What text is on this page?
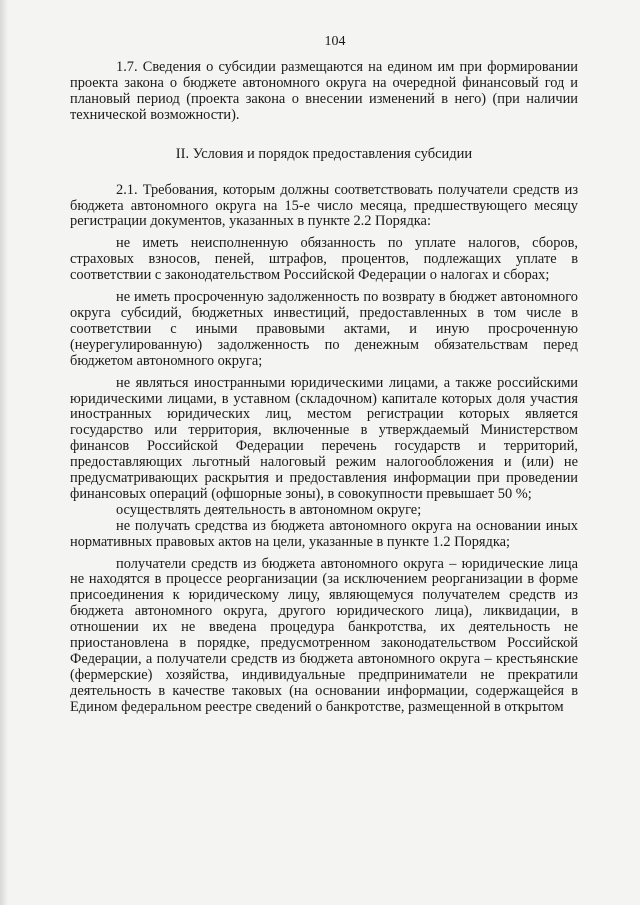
104

1.7. Сведения о субсидии размещаются на едином им при формировании проекта закона о бюджете автономного округа на очередной финансовый год и плановый период (проекта закона о внесении изменений в него) (при наличии технической возможности).

II. Условия и порядок предоставления субсидии

2.1. Требования, которым должны соответствовать получатели средств из бюджета автономного округа на 15-е число месяца, предшествующего месяцу регистрации документов, указанных в пункте 2.2 Порядка:

не иметь неисполненную обязанность по уплате налогов, сборов, страховых взносов, пеней, штрафов, процентов, подлежащих уплате в соответствии с законодательством Российской Федерации о налогах и сборах;

не иметь просроченную задолженность по возврату в бюджет автономного округа субсидий, бюджетных инвестиций, предоставленных в том числе в соответствии с иными правовыми актами, и иную просроченную (неурегулированную) задолженность по денежным обязательствам перед бюджетом автономного округа;

не являться иностранными юридическими лицами, а также российскими юридическими лицами, в уставном (складочном) капитале которых доля участия иностранных юридических лиц, местом регистрации которых является государство или территория, включенные в утверждаемый Министерством финансов Российской Федерации перечень государств и территорий, предоставляющих льготный налоговый режим налогообложения и (или) не предусматривающих раскрытия и предоставления информации при проведении финансовых операций (офшорные зоны), в совокупности превышает 50 %;

осуществлять деятельность в автономном округе;

не получать средства из бюджета автономного округа на основании иных нормативных правовых актов на цели, указанные в пункте 1.2 Порядка;

получатели средств из бюджета автономного округа – юридические лица не находятся в процессе реорганизации (за исключением реорганизации в форме присоединения к юридическому лицу, являющемуся получателем средств из бюджета автономного округа, другого юридического лица), ликвидации, в отношении их не введена процедура банкротства, их деятельность не приостановлена в порядке, предусмотренном законодательством Российской Федерации, а получатели средств из бюджета автономного округа – крестьянские (фермерские) хозяйства, индивидуальные предприниматели не прекратили деятельность в качестве таковых (на основании информации, содержащейся в Едином федеральном реестре сведений о банкротстве, размещенной в открытом
